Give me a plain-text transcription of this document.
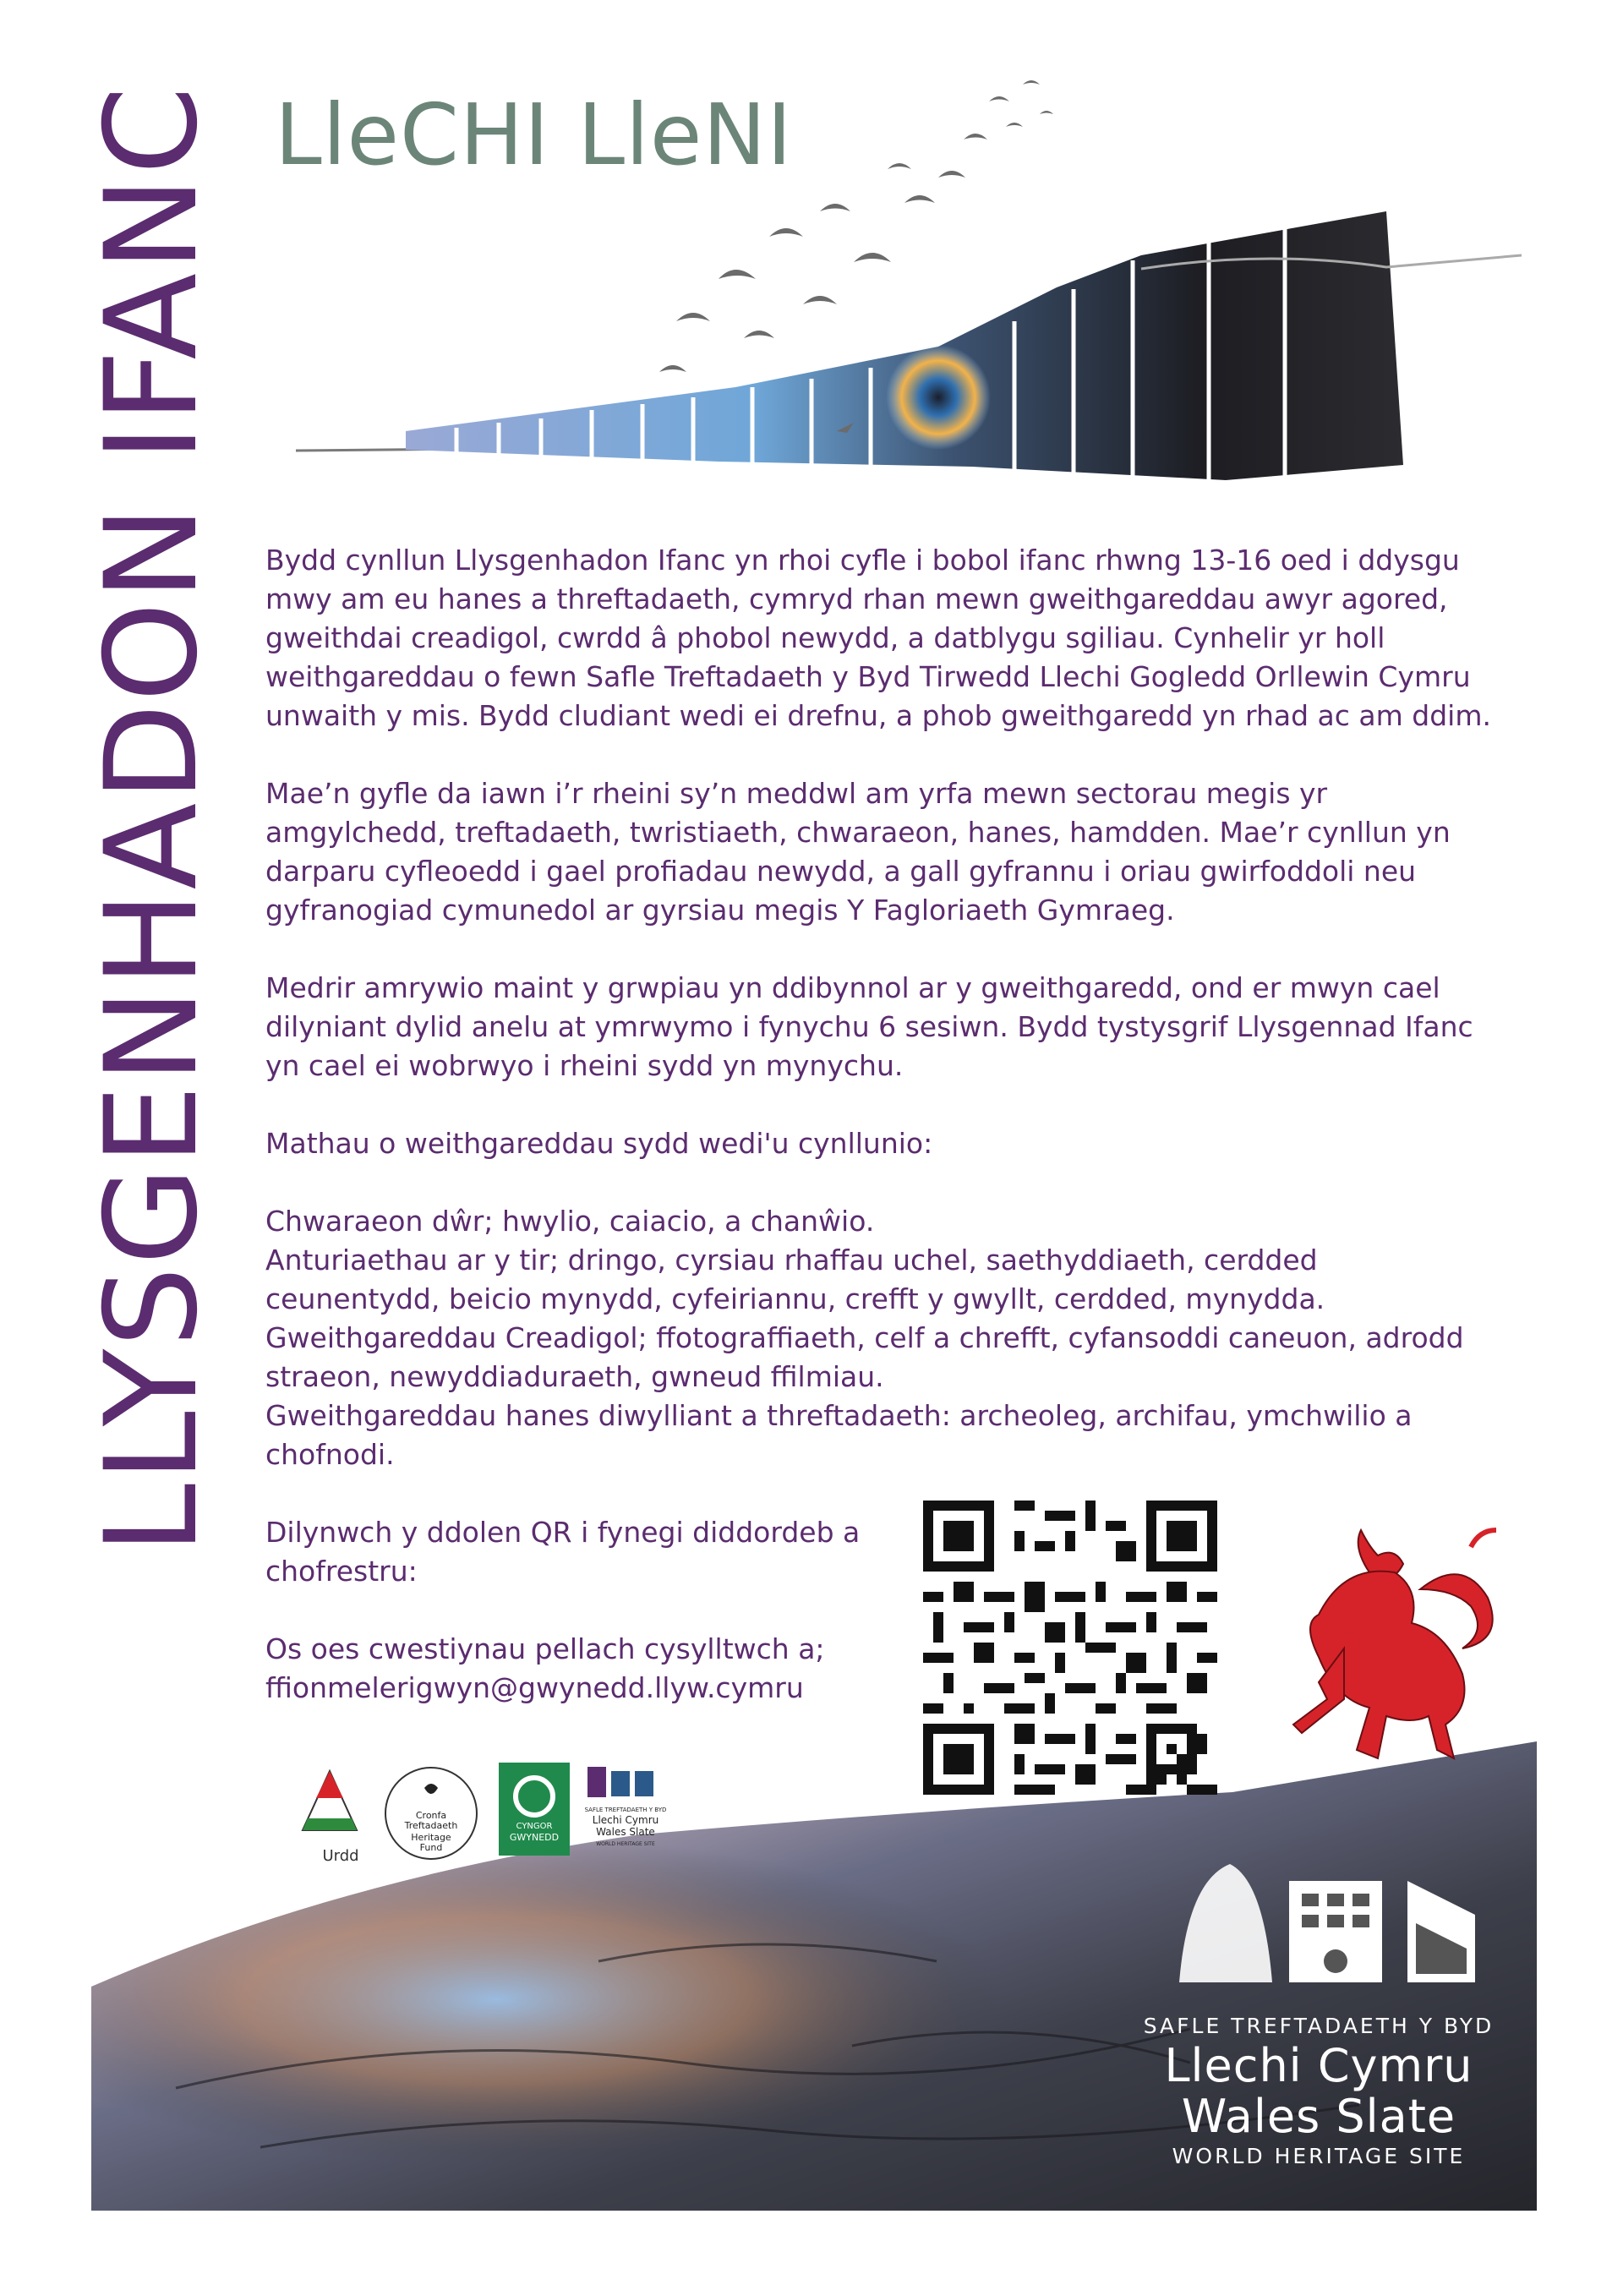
LLYSGENHADON IFANC LleCHI LleNI

Bydd cynllun Llysgenhadon Ifanc yn rhoi cyfle i bobol ifanc rhwng 13-16 oed i ddysgu mwy am eu hanes a threftadaeth, cymryd rhan mewn gweithgareddau awyr agored, gweithdai creadigol, cwrdd â phobol newydd, a datblygu sgiliau. Cynhelir yr holl weithgareddau o fewn Safle Treftadaeth y Byd Tirwedd Llechi Gogledd Orllewin Cymru unwaith y mis. Bydd cludiant wedi ei drefnu, a phob gweithgaredd yn rhad ac am ddim.

Mae’n gyfle da iawn i’r rheini sy’n meddwl am yrfa mewn sectorau megis yr amgylchedd, treftadaeth, twristiaeth, chwaraeon, hanes, hamdden. Mae’r cynllun yn darparu cyfleoedd i gael profiadau newydd, a gall gyfrannu i oriau gwirfoddoli neu gyfranogiad cymunedol ar gyrsiau megis Y Fagloriaeth Gymraeg.

Medrir amrywio maint y grwpiau yn ddibynnol ar y gweithgaredd, ond er mwyn cael dilyniant dylid anelu at ymrwymo i fynychu 6 sesiwn. Bydd tystysgrif Llysgennad Ifanc yn cael ei wobrwyo i rheini sydd yn mynychu.

Mathau o weithgareddau sydd wedi'u cynllunio:

Chwaraeon dŵr; hwylio, caiacio, a chanŵio.
Anturiaethau ar y tir; dringo, cyrsiau rhaffau uchel, saethyddiaeth, cerdded ceunentydd, beicio mynydd, cyfeiriannu, crefft y gwyllt, cerdded, mynydda.
Gweithgareddau Creadigol; ffotograffiaeth, celf a chrefft, cyfansoddi caneuon, adrodd straeon, newyddiaduraeth, gwneud ffilmiau.
Gweithgareddau hanes diwylliant a threftadaeth: archeoleg, archifau, ymchwilio a chofnodi.

Dilynwch y ddolen QR i fynegi diddordeb a chofrestru:

Os oes cwestiynau pellach cysylltwch a;
ffionmelerigwyn@gwynedd.llyw.cymru
Cronfa
Treftadaeth
Heritage
Fund
CYNGOR
GWYNEDD
SAFLE TREFTADAETH Y BYD
Llechi Cymru
Wales Slate
WORLD HERITAGE SITE
Urdd
SAFLE TREFTADAETH Y BYD
Llechi Cymru
Wales Slate
WORLD HERITAGE SITE
